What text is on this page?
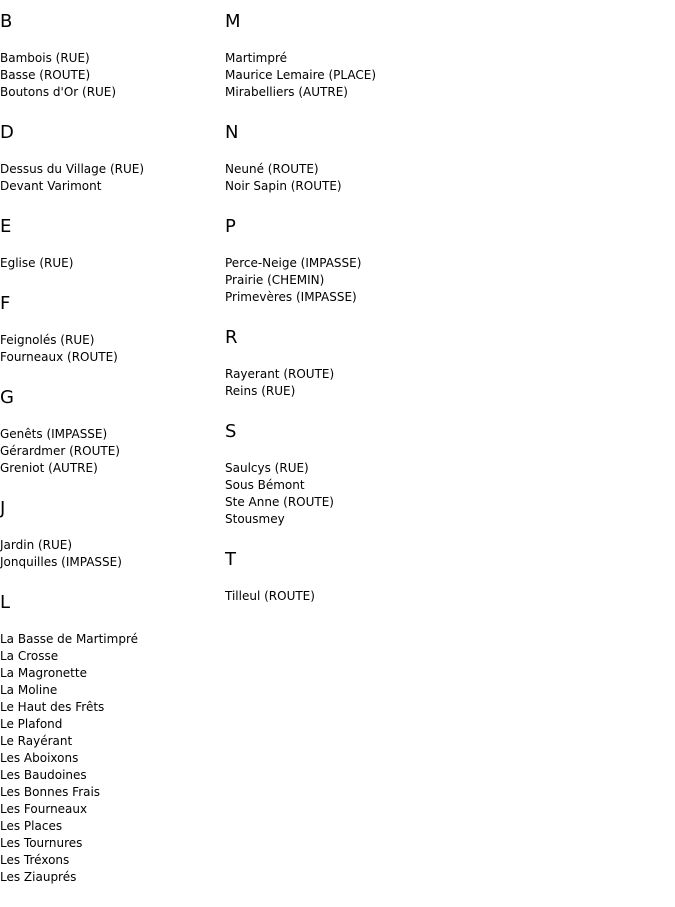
B
Bambois (RUE)
Basse (ROUTE)
Boutons d'Or (RUE)
D
Dessus du Village (RUE)
Devant Varimont
E
Eglise (RUE)
F
Feignolés (RUE)
Fourneaux (ROUTE)
G
Genêts (IMPASSE)
Gérardmer (ROUTE)
Greniot (AUTRE)
J
Jardin (RUE)
Jonquilles (IMPASSE)
L
La Basse de Martimpré
La Crosse
La Magronette
La Moline
Le Haut des Frêts
Le Plafond
Le Rayérant
Les Aboixons
Les Baudoines
Les Bonnes Frais
Les Fourneaux
Les Places
Les Tournures
Les Tréxons
Les Ziauprés
M
Martimpré
Maurice Lemaire (PLACE)
Mirabelliers (AUTRE)
N
Neuné (ROUTE)
Noir Sapin (ROUTE)
P
Perce-Neige (IMPASSE)
Prairie (CHEMIN)
Primevères (IMPASSE)
R
Rayerant (ROUTE)
Reins (RUE)
S
Saulcys (RUE)
Sous Bémont
Ste Anne (ROUTE)
Stousmey
T
Tilleul (ROUTE)
